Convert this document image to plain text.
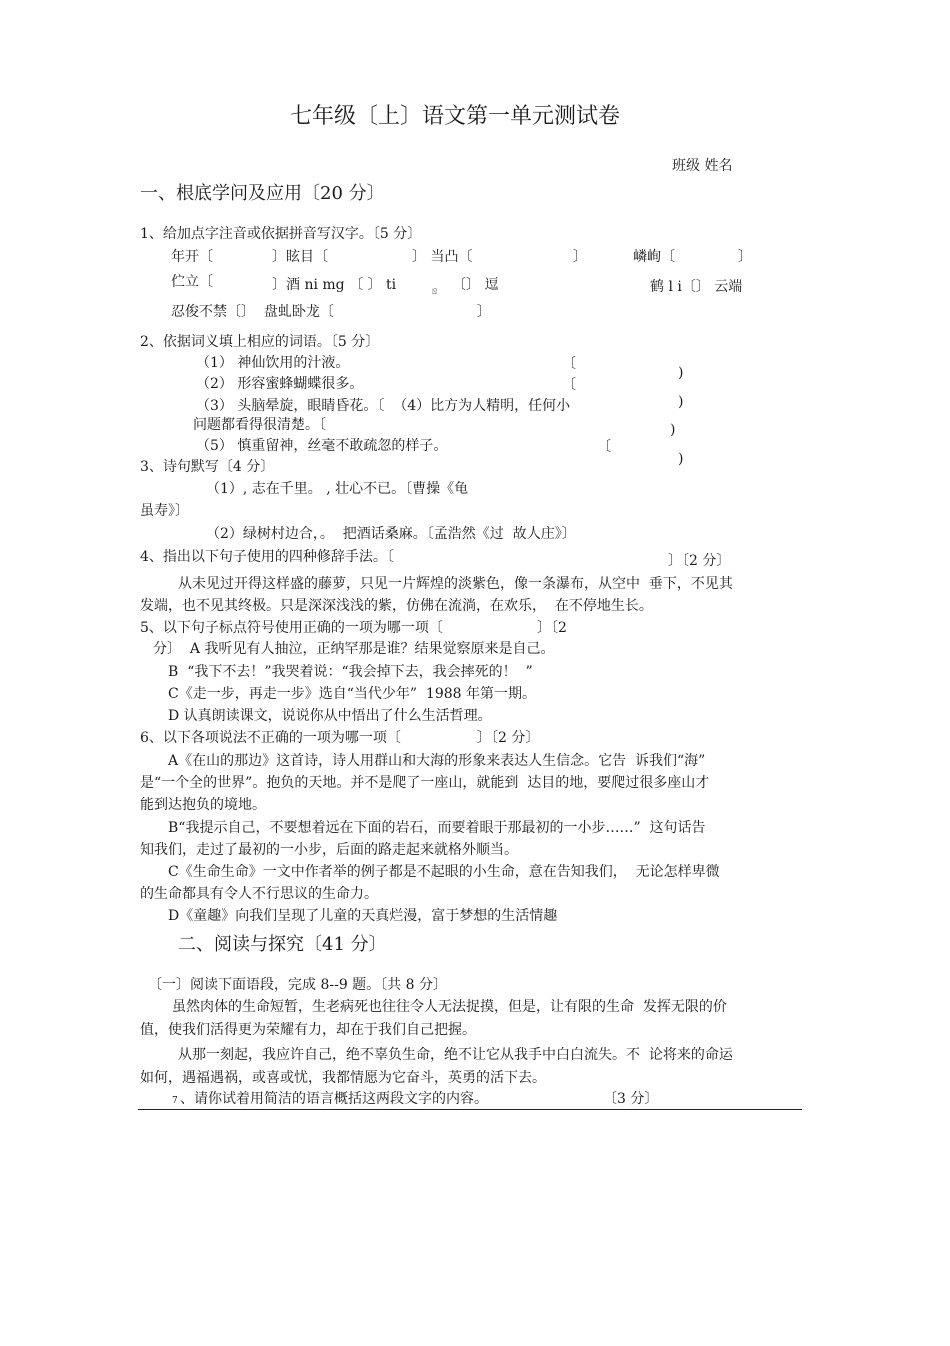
七年级〔上〕语文第一单元测试卷
班级 姓名
一、根底学问及应用〔20 分〕
1、给加点字注音或依据拼音写汉字。〔5 分〕
年开〔	〕眩目〔	〕 当凸〔	〕	嶙峋〔	〕
伫立〔	〕酒 ni mg 〔 〕 ti	ㄖ 〔〕 逗	鹤 l i〔〕 云端
忍俊不禁〔〕  盘虬卧龙〔	〕
2、依据词义填上相应的词语。〔5 分〕
（1） 神仙饮用的汁液。
（2） 形容蜜蜂蝴蝶很多。
（3） 头脑晕旋，眼睛昏花。〔  （4）比方为人精明，任何小
问题都看得很清楚。〔
（5） 慎重留神，丝毫不敢疏忽的样子。
〔
〔
〔
)
)
)
)
3、诗句默写〔4 分〕
（1）, 志在千里。 , 壮心不已。〔曹操《龟
虽寿》〕
（2）绿树村边合，。  把酒话桑麻。〔孟浩然《过  故人庄》〕
4、指出以下句子使用的四种修辞手法。〔	〕〔2 分〕
从未见过开得这样盛的藤萝，只见一片辉煌的淡紫色，像一条瀑布，从空中  垂下，不见其
发端，也不见其终极。只是深深浅浅的紫，仿佛在流淌，在欢乐，  在不停地生长。
5、以下句子标点符号使用正确的一项为哪一项〔	〕〔2
分〕  A 我听见有人抽泣，正纳罕那是谁？结果觉察原来是自己。
B  “我下不去！”我哭着说：“我会掉下去，我会摔死的！  ”
C《走一步，再走一步》选自“当代少年”  1988 年第一期。
D 认真朗读课文，说说你从中悟出了什么生活哲理。
6、以下各项说法不正确的一项为哪一项〔	〕〔2 分〕
A《在山的那边》这首诗，诗人用群山和大海的形象来表达人生信念。它告  诉我们“海”
是“一个全的世界”。抱负的天地。并不是爬了一座山，就能到  达目的地，要爬过很多座山才
能到达抱负的境地。
B“我提示自己，不要想着远在下面的岩石，而要着眼于那最初的一小步……”  这句话告
知我们，走过了最初的一小步，后面的路走起来就格外顺当。
C《生命生命》一文中作者举的例子都是不起眼的小生命，意在告知我们，  无论怎样卑微
的生命都具有令人不行思议的生命力。
D《童趣》向我们呈现了儿童的天真烂漫，富于梦想的生活情趣
二、阅读与探究〔41 分〕
〔一〕阅读下面语段，完成 8--9 题。〔共 8 分〕
虽然肉体的生命短暂，生老病死也往往令人无法捉摸，但是，让有限的生命  发挥无限的价
值，使我们活得更为荣耀有力，却在于我们自己把握。
从那一刻起，我应许自己，绝不辜负生命，绝不让它从我手中白白流失。不  论将来的命运
如何，遇福遇祸，或喜或忧，我都情愿为它奋斗，英勇的活下去。
7 、请你试着用简洁的语言概括这两段文字的内容。	〔3 分〕
